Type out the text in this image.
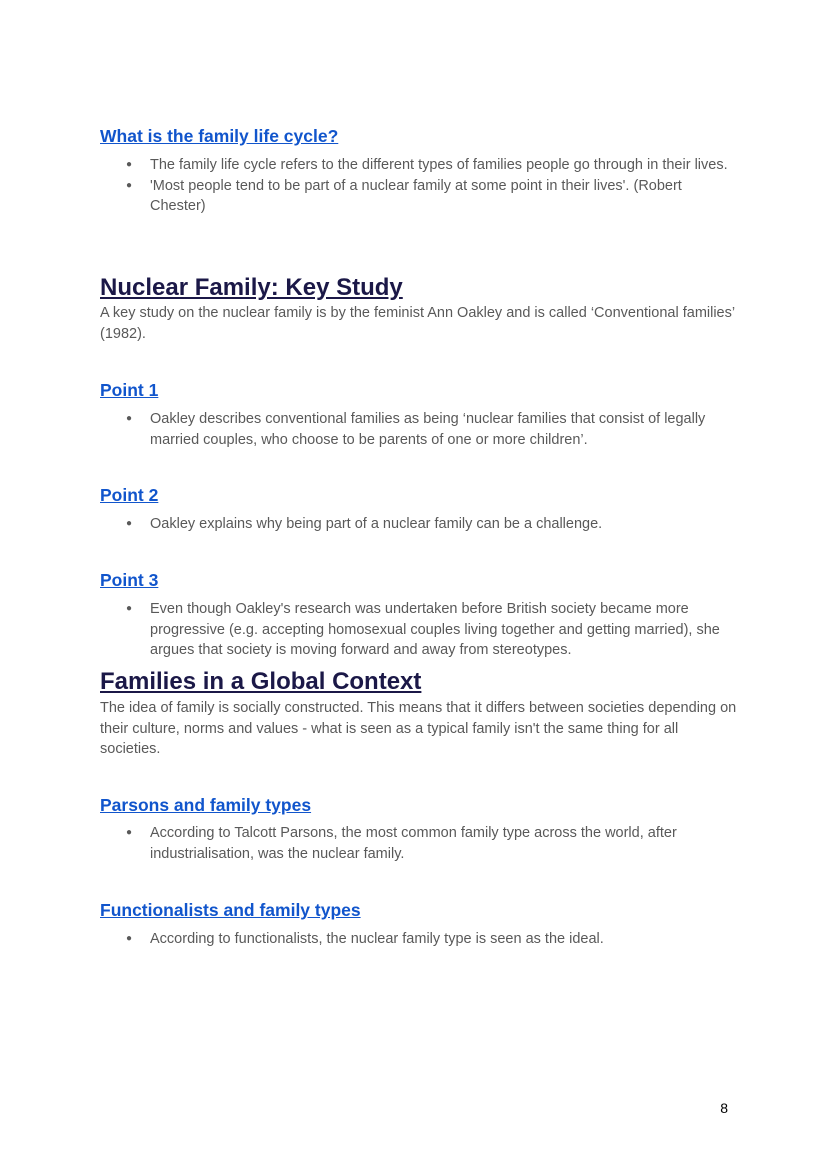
What is the family life cycle?
● The family life cycle refers to the different types of families people go through in their lives.
● 'Most people tend to be part of a nuclear family at some point in their lives'. (Robert Chester)
Nuclear Family: Key Study

A key study on the nuclear family is by the feminist Ann Oakley and is called ‘Conventional families’ (1982).

Point 1
● Oakley describes conventional families as being ‘nuclear families that consist of legally married couples, who choose to be parents of one or more children’.
Point 2
● Oakley explains why being part of a nuclear family can be a challenge.
Point 3
● Even though Oakley's research was undertaken before British society became more progressive (e.g. accepting homosexual couples living together and getting married), she argues that society is moving forward and away from stereotypes.
Families in a Global Context

The idea of family is socially constructed. This means that it differs between societies depending on their culture, norms and values - what is seen as a typical family isn't the same thing for all societies.

Parsons and family types
● According to Talcott Parsons, the most common family type across the world, after industrialisation, was the nuclear family.
Functionalists and family types
● According to functionalists, the nuclear family type is seen as the ideal.
8
